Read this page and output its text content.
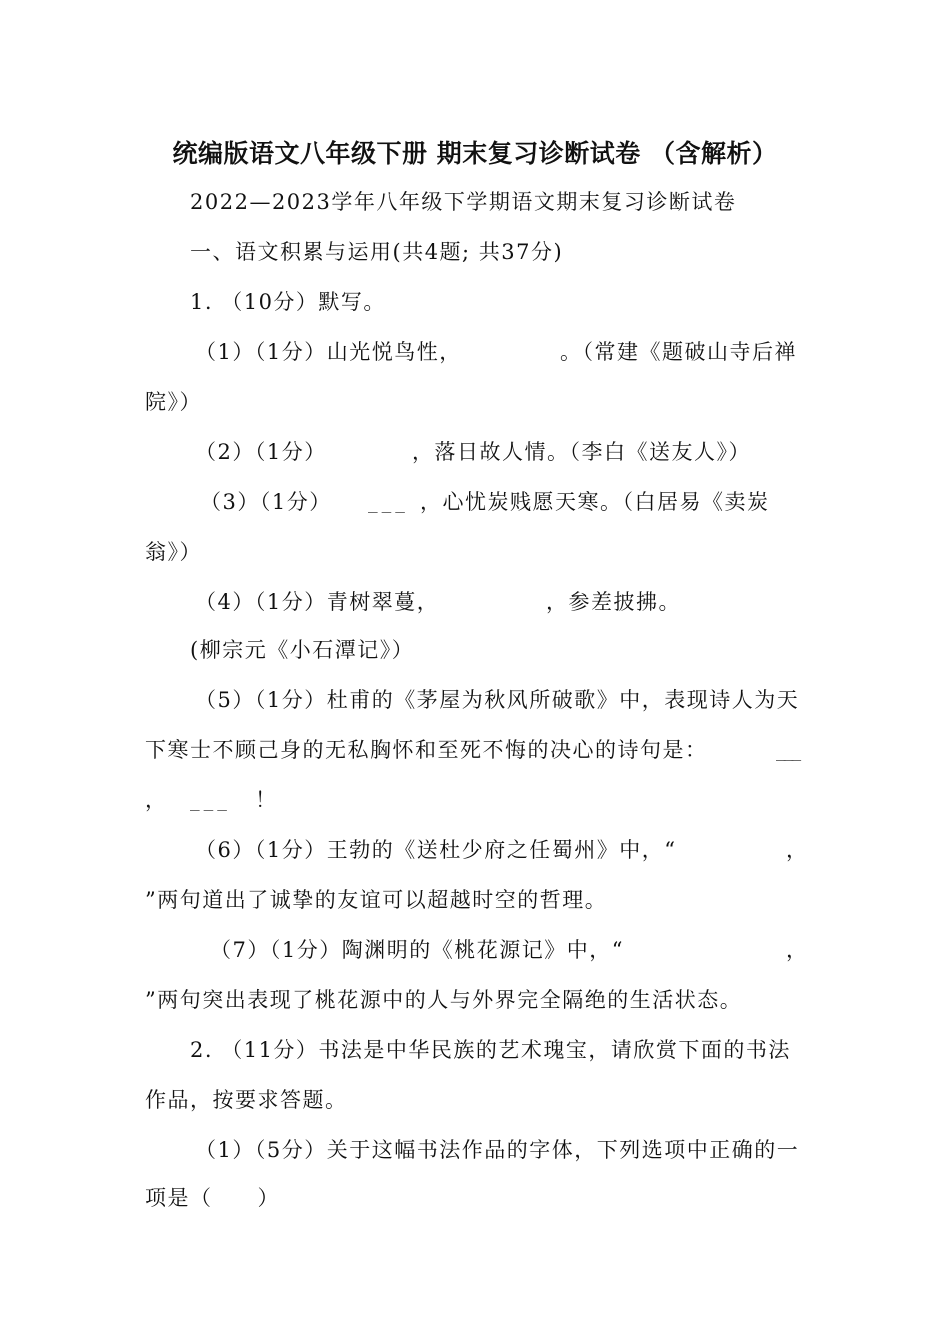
统编版语文八年级下册 期末复习诊断试卷 （含解析）
2022—2023学年八年级下学期语文期末复习诊断试卷
一、语文积累与运用(共4题; 共37分)
1. （10分）默写。
（1）（1分）山光悦鸟性，	。（常建《题破山寺后禅
院》）
（2）（1分）	，落日故人情。（李白《送友人》）
（3）（1分） ___ ，心忧炭贱愿天寒。（白居易《卖炭
翁》）
（4）（1分）青树翠蔓，	，参差披拂。
(柳宗元《小石潭记》）
（5）（1分）杜甫的《茅屋为秋风所破歌》中，表现诗人为天
下寒士不顾己身的无私胸怀和至死不悔的决心的诗句是：	___
， ___ ！
（6）（1分）王勃的《送杜少府之任蜀州》中，“	，
”两句道出了诚挚的友谊可以超越时空的哲理。
（7）（1分）陶渊明的《桃花源记》中，“	，
”两句突出表现了桃花源中的人与外界完全隔绝的生活状态。
2. （11分）书法是中华民族的艺术瑰宝，请欣赏下面的书法
作品，按要求答题。
（1）（5分）关于这幅书法作品的字体，下列选项中正确的一
项是（　　）
